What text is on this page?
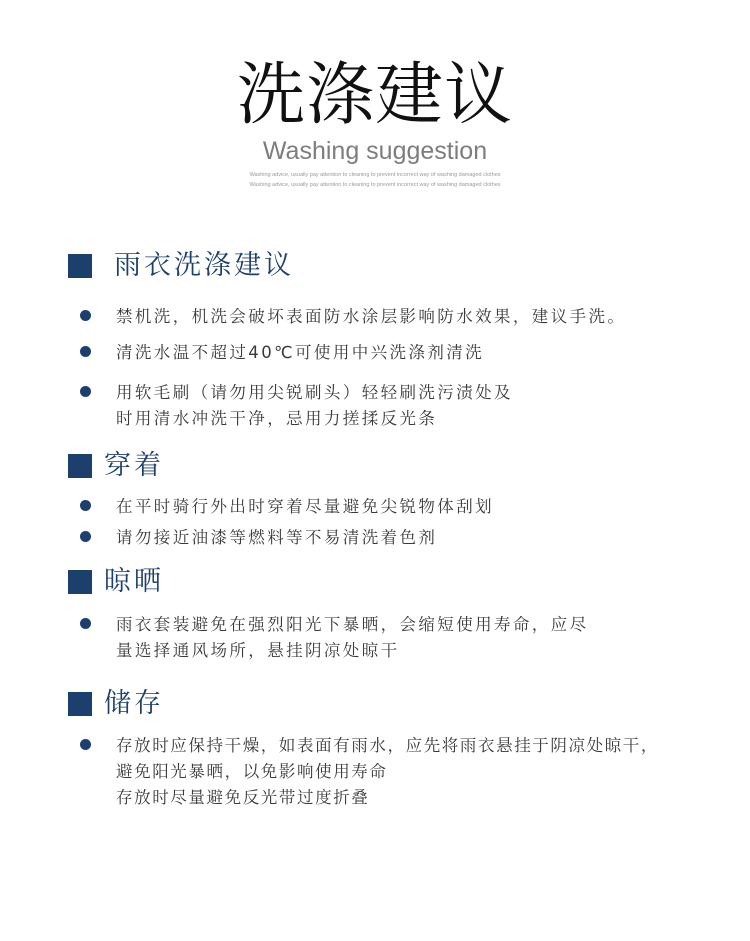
洗涤建议
Washing suggestion
Washing advice, usually pay attention to cleaning to prevent incorrect way of washing damaged clothes
Washing advice, usually pay attention to cleaning to prevent incorrect way of washing damaged clothes
雨衣洗涤建议
禁机洗，机洗会破坏表面防水涂层影响防水效果，建议手洗。
清洗水温不超过40℃可使用中兴洗涤剂清洗
用软毛刷（请勿用尖锐刷头）轻轻刷洗污渍处及
时用清水冲洗干净，忌用力搓揉反光条
穿着
在平时骑行外出时穿着尽量避免尖锐物体刮划
请勿接近油漆等燃料等不易清洗着色剂
晾晒
雨衣套装避免在强烈阳光下暴晒，会缩短使用寿命，应尽
量选择通风场所，悬挂阴凉处晾干
储存
存放时应保持干燥，如表面有雨水，应先将雨衣悬挂于阴凉处晾干，
避免阳光暴晒，以免影响使用寿命
存放时尽量避免反光带过度折叠
